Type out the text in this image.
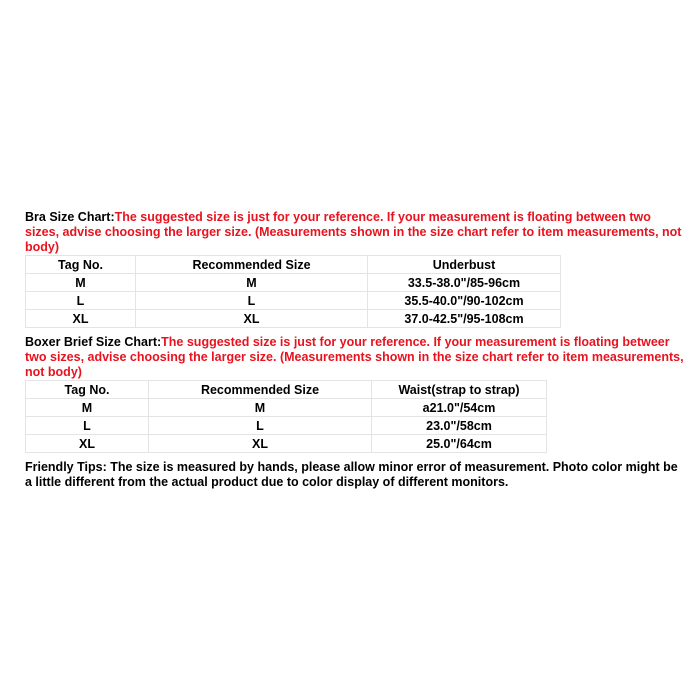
Bra Size Chart:The suggested size is just for your reference. If your measurement is floating between two sizes, advise choosing the larger size. (Measurements shown in the size chart refer to item measurements, not body)

Tag No.	Recommended Size	Underbust
M	M	33.5-38.0"/85-96cm
L	L	35.5-40.0"/90-102cm
XL	XL	37.0-42.5"/95-108cm

Boxer Brief Size Chart:The suggested size is just for your reference. If your measurement is floating betweer two sizes, advise choosing the larger size. (Measurements shown in the size chart refer to item measurements, not body)

Tag No.	Recommended Size	Waist(strap to strap)
M	M	a21.0"/54cm
L	L	23.0"/58cm
XL	XL	25.0"/64cm

Friendly Tips: The size is measured by hands, please allow minor error of measurement. Photo color might be a little different from the actual product due to color display of different monitors.
